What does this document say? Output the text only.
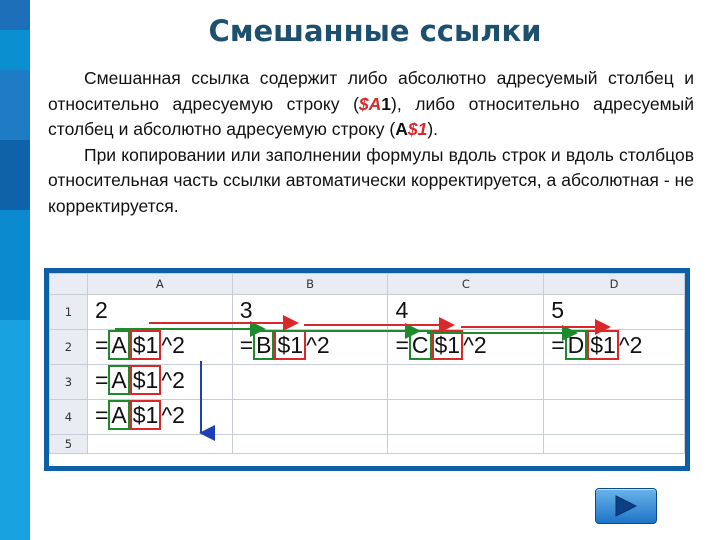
Смешанные ссылки

Смешанная ссылка содержит либо абсолютно адресуемый столбец и относительно адресуемую строку ($A1), либо относительно адресуемый столбец и абсолютно адресуемую строку (A$1).

При копировании или заполнении формулы вдоль строк и вдоль столбцов относительная часть ссылки автоматически корректируется, а абсолютная - не корректируется.

	A	B	C	D
1	2	3	4	5

2	= A $1 ^2	= B $1 ^2	= C $1 ^2	= D $1 ^2

3	= A $1 ^2			

4	= A $1 ^2			

5				
